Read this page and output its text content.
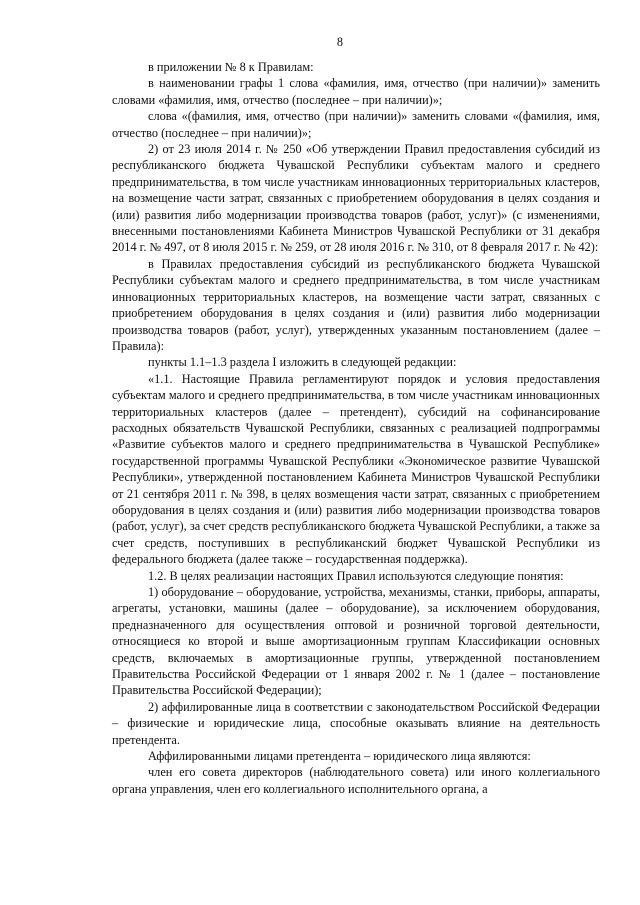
8

в приложении № 8 к Правилам:

в наименовании графы 1 слова «фамилия, имя, отчество (при наличии)» заменить словами «фамилия, имя, отчество (последнее – при наличии)»;

слова «(фамилия, имя, отчество (при наличии)» заменить словами «(фамилия, имя, отчество (последнее – при наличии)»;

2) от 23 июля 2014 г. № 250 «Об утверждении Правил предоставления субсидий из республиканского бюджета Чувашской Республики субъектам малого и среднего предпринимательства, в том числе участникам инновационных территориальных кластеров, на возмещение части затрат, связанных с приобретением оборудования в целях создания и (или) развития либо модернизации производства товаров (работ, услуг)» (с изменениями, внесенными постановлениями Кабинета Министров Чувашской Республики от 31 декабря 2014 г. № 497, от 8 июля 2015 г. № 259, от 28 июля 2016 г. № 310, от 8 февраля 2017 г. № 42):

в Правилах предоставления субсидий из республиканского бюджета Чувашской Республики субъектам малого и среднего предпринимательства, в том числе участникам инновационных территориальных кластеров, на возмещение части затрат, связанных с приобретением оборудования в целях создания и (или) развития либо модернизации производства товаров (работ, услуг), утвержденных указанным постановлением (далее – Правила):

пункты 1.1–1.3 раздела I изложить в следующей редакции:

«1.1. Настоящие Правила регламентируют порядок и условия предоставления субъектам малого и среднего предпринимательства, в том числе участникам инновационных территориальных кластеров (далее – претендент), субсидий на софинансирование расходных обязательств Чувашской Республики, связанных с реализацией подпрограммы «Развитие субъектов малого и среднего предпринимательства в Чувашской Республике» государственной программы Чувашской Республики «Экономическое развитие Чувашской Республики», утвержденной постановлением Кабинета Министров Чувашской Республики от 21 сентября 2011 г. № 398, в целях возмещения части затрат, связанных с приобретением оборудования в целях создания и (или) развития либо модернизации производства товаров (работ, услуг), за счет средств республиканского бюджета Чувашской Республики, а также за счет средств, поступивших в республиканский бюджет Чувашской Республики из федерального бюджета (далее также – государственная поддержка).

1.2. В целях реализации настоящих Правил используются следующие понятия:

1) оборудование – оборудование, устройства, механизмы, станки, приборы, аппараты, агрегаты, установки, машины (далее – оборудование), за исключением оборудования, предназначенного для осуществления оптовой и розничной торговой деятельности, относящиеся ко второй и выше амортизационным группам Классификации основных средств, включаемых в амортизационные группы, утвержденной постановлением Правительства Российской Федерации от 1 января 2002 г. № 1 (далее – постановление Правительства Российской Федерации);

2) аффилированные лица в соответствии с законодательством Российской Федерации – физические и юридические лица, способные оказывать влияние на деятельность претендента.

Аффилированными лицами претендента – юридического лица являются:

член его совета директоров (наблюдательного совета) или иного коллегиального органа управления, член его коллегиального исполнительного органа, а
